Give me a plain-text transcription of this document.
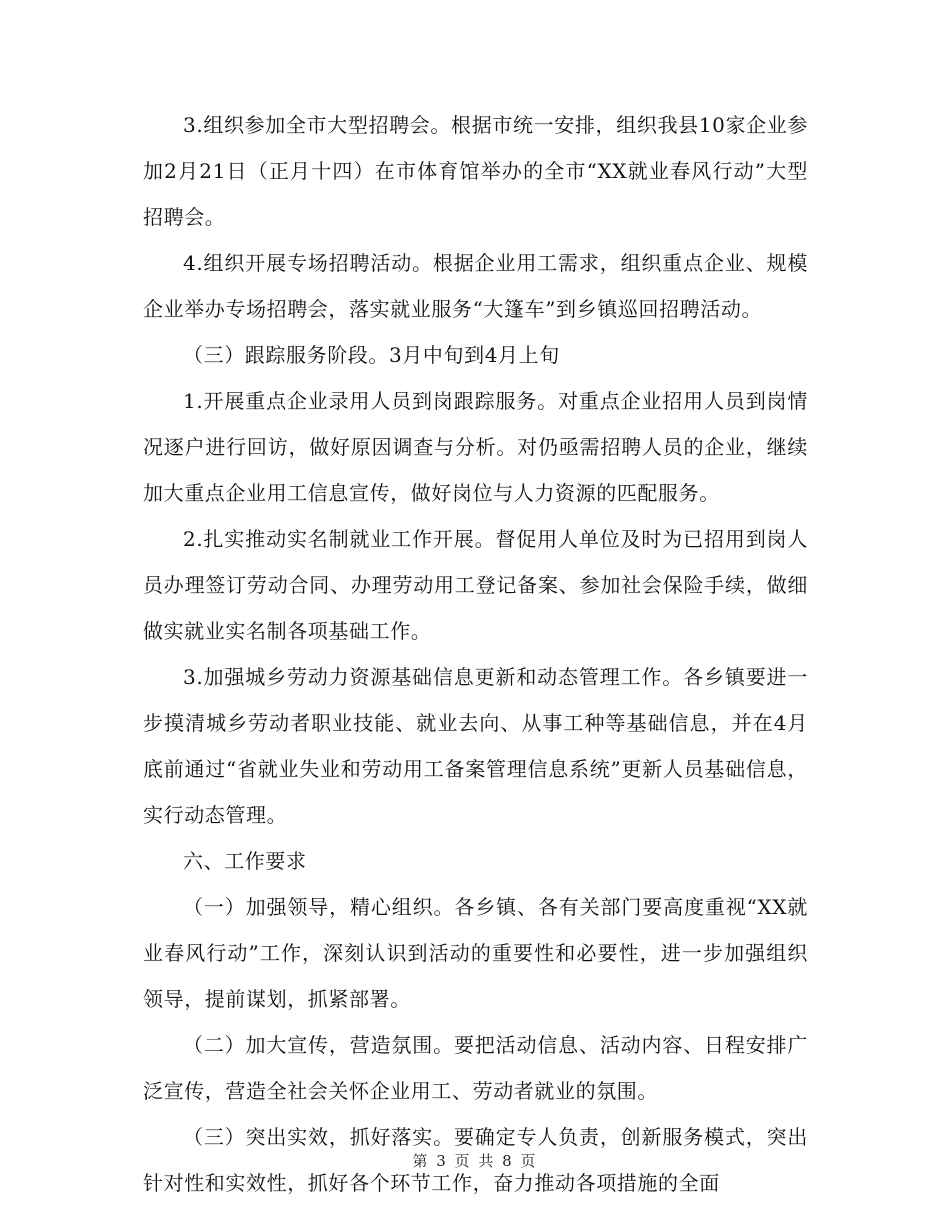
3.组织参加全市大型招聘会。根据市统一安排，组织我县10家企业参加2月21日（正月十四）在市体育馆举办的全市“XX就业春风行动”大型招聘会。

4.组织开展专场招聘活动。根据企业用工需求，组织重点企业、规模企业举办专场招聘会，落实就业服务“大篷车”到乡镇巡回招聘活动。

（三）跟踪服务阶段。3月中旬到4月上旬

1.开展重点企业录用人员到岗跟踪服务。对重点企业招用人员到岗情况逐户进行回访，做好原因调查与分析。对仍亟需招聘人员的企业，继续加大重点企业用工信息宣传，做好岗位与人力资源的匹配服务。

2.扎实推动实名制就业工作开展。督促用人单位及时为已招用到岗人员办理签订劳动合同、办理劳动用工登记备案、参加社会保险手续，做细做实就业实名制各项基础工作。

3.加强城乡劳动力资源基础信息更新和动态管理工作。各乡镇要进一步摸清城乡劳动者职业技能、就业去向、从事工种等基础信息，并在4月底前通过“省就业失业和劳动用工备案管理信息系统”更新人员基础信息，实行动态管理。

六、工作要求

（一）加强领导，精心组织。各乡镇、各有关部门要高度重视“XX就业春风行动”工作，深刻认识到活动的重要性和必要性，进一步加强组织领导，提前谋划，抓紧部署。

（二）加大宣传，营造氛围。要把活动信息、活动内容、日程安排广泛宣传，营造全社会关怀企业用工、劳动者就业的氛围。

（三）突出实效，抓好落实。要确定专人负责，创新服务模式，突出针对性和实效性，抓好各个环节工作，奋力推动各项措施的全面

第 3 页 共 8 页
